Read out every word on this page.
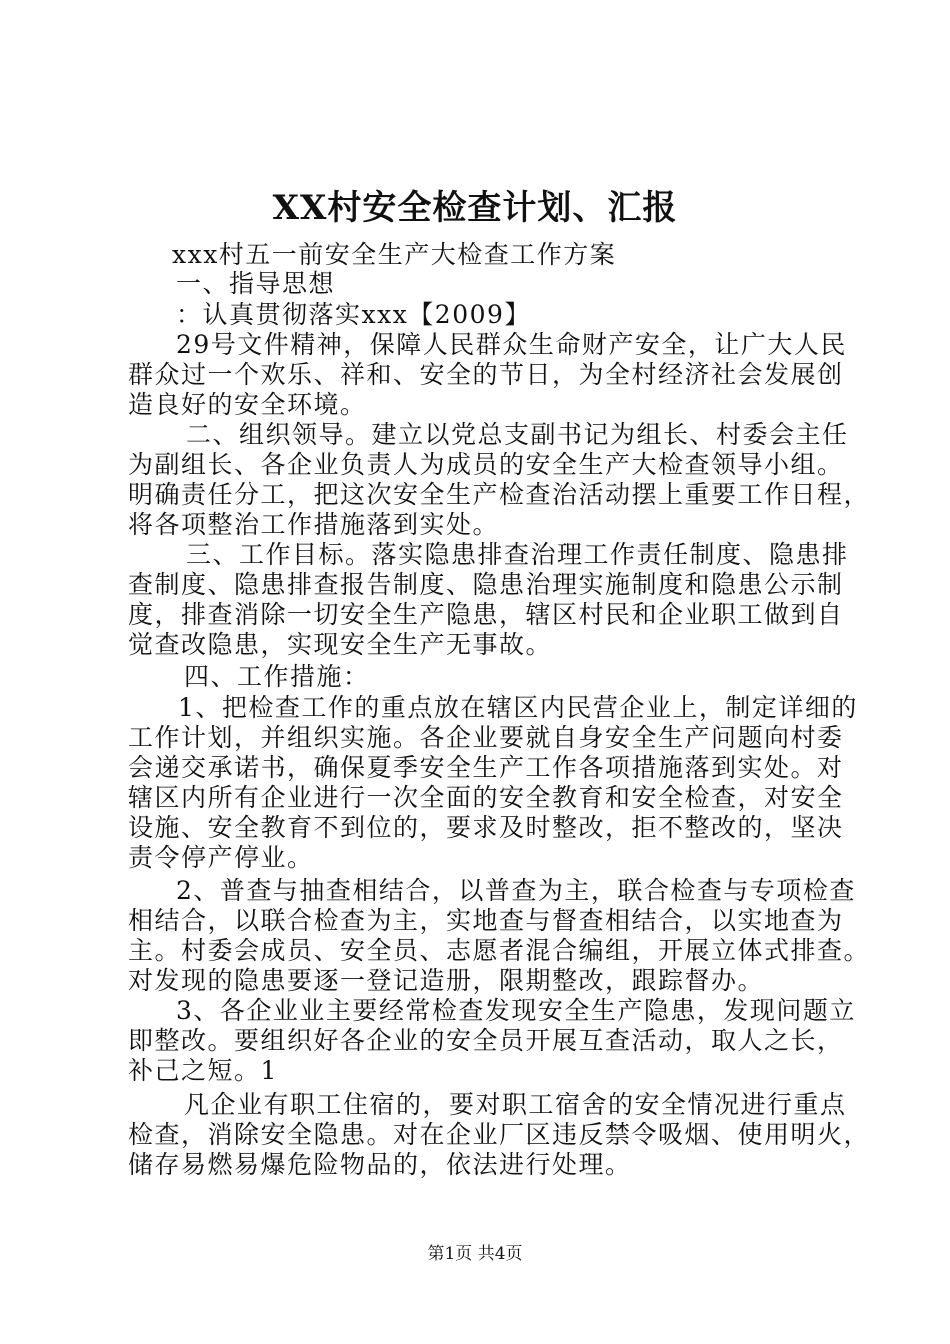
XX村安全检查计划、汇报
xxx村五一前安全生产大检查工作方案
一、指导思想
：认真贯彻落实xxx【2009】
29号文件精神，保障人民群众生命财产安全，让广大人民
群众过一个欢乐、祥和、安全的节日，为全村经济社会发展创
造良好的安全环境。
二、组织领导。建立以党总支副书记为组长、村委会主任
为副组长、各企业负责人为成员的安全生产大检查领导小组。
明确责任分工，把这次安全生产检查治活动摆上重要工作日程，
将各项整治工作措施落到实处。
三、工作目标。落实隐患排查治理工作责任制度、隐患排
查制度、隐患排查报告制度、隐患治理实施制度和隐患公示制
度，排查消除一切安全生产隐患，辖区村民和企业职工做到自
觉查改隐患，实现安全生产无事故。
四、工作措施：
1、把检查工作的重点放在辖区内民营企业上，制定详细的
工作计划，并组织实施。各企业要就自身安全生产问题向村委
会递交承诺书，确保夏季安全生产工作各项措施落到实处。对
辖区内所有企业进行一次全面的安全教育和安全检查，对安全
设施、安全教育不到位的，要求及时整改，拒不整改的，坚决
责令停产停业。
2、普查与抽查相结合，以普查为主，联合检查与专项检查
相结合，以联合检查为主，实地查与督查相结合，以实地查为
主。村委会成员、安全员、志愿者混合编组，开展立体式排查。
对发现的隐患要逐一登记造册，限期整改，跟踪督办。
3、各企业业主要经常检查发现安全生产隐患，发现问题立
即整改。要组织好各企业的安全员开展互查活动，取人之长，
补己之短。1
凡企业有职工住宿的，要对职工宿舍的安全情况进行重点
检查，消除安全隐患。对在企业厂区违反禁令吸烟、使用明火，
储存易燃易爆危险物品的，依法进行处理。
第1页 共4页
